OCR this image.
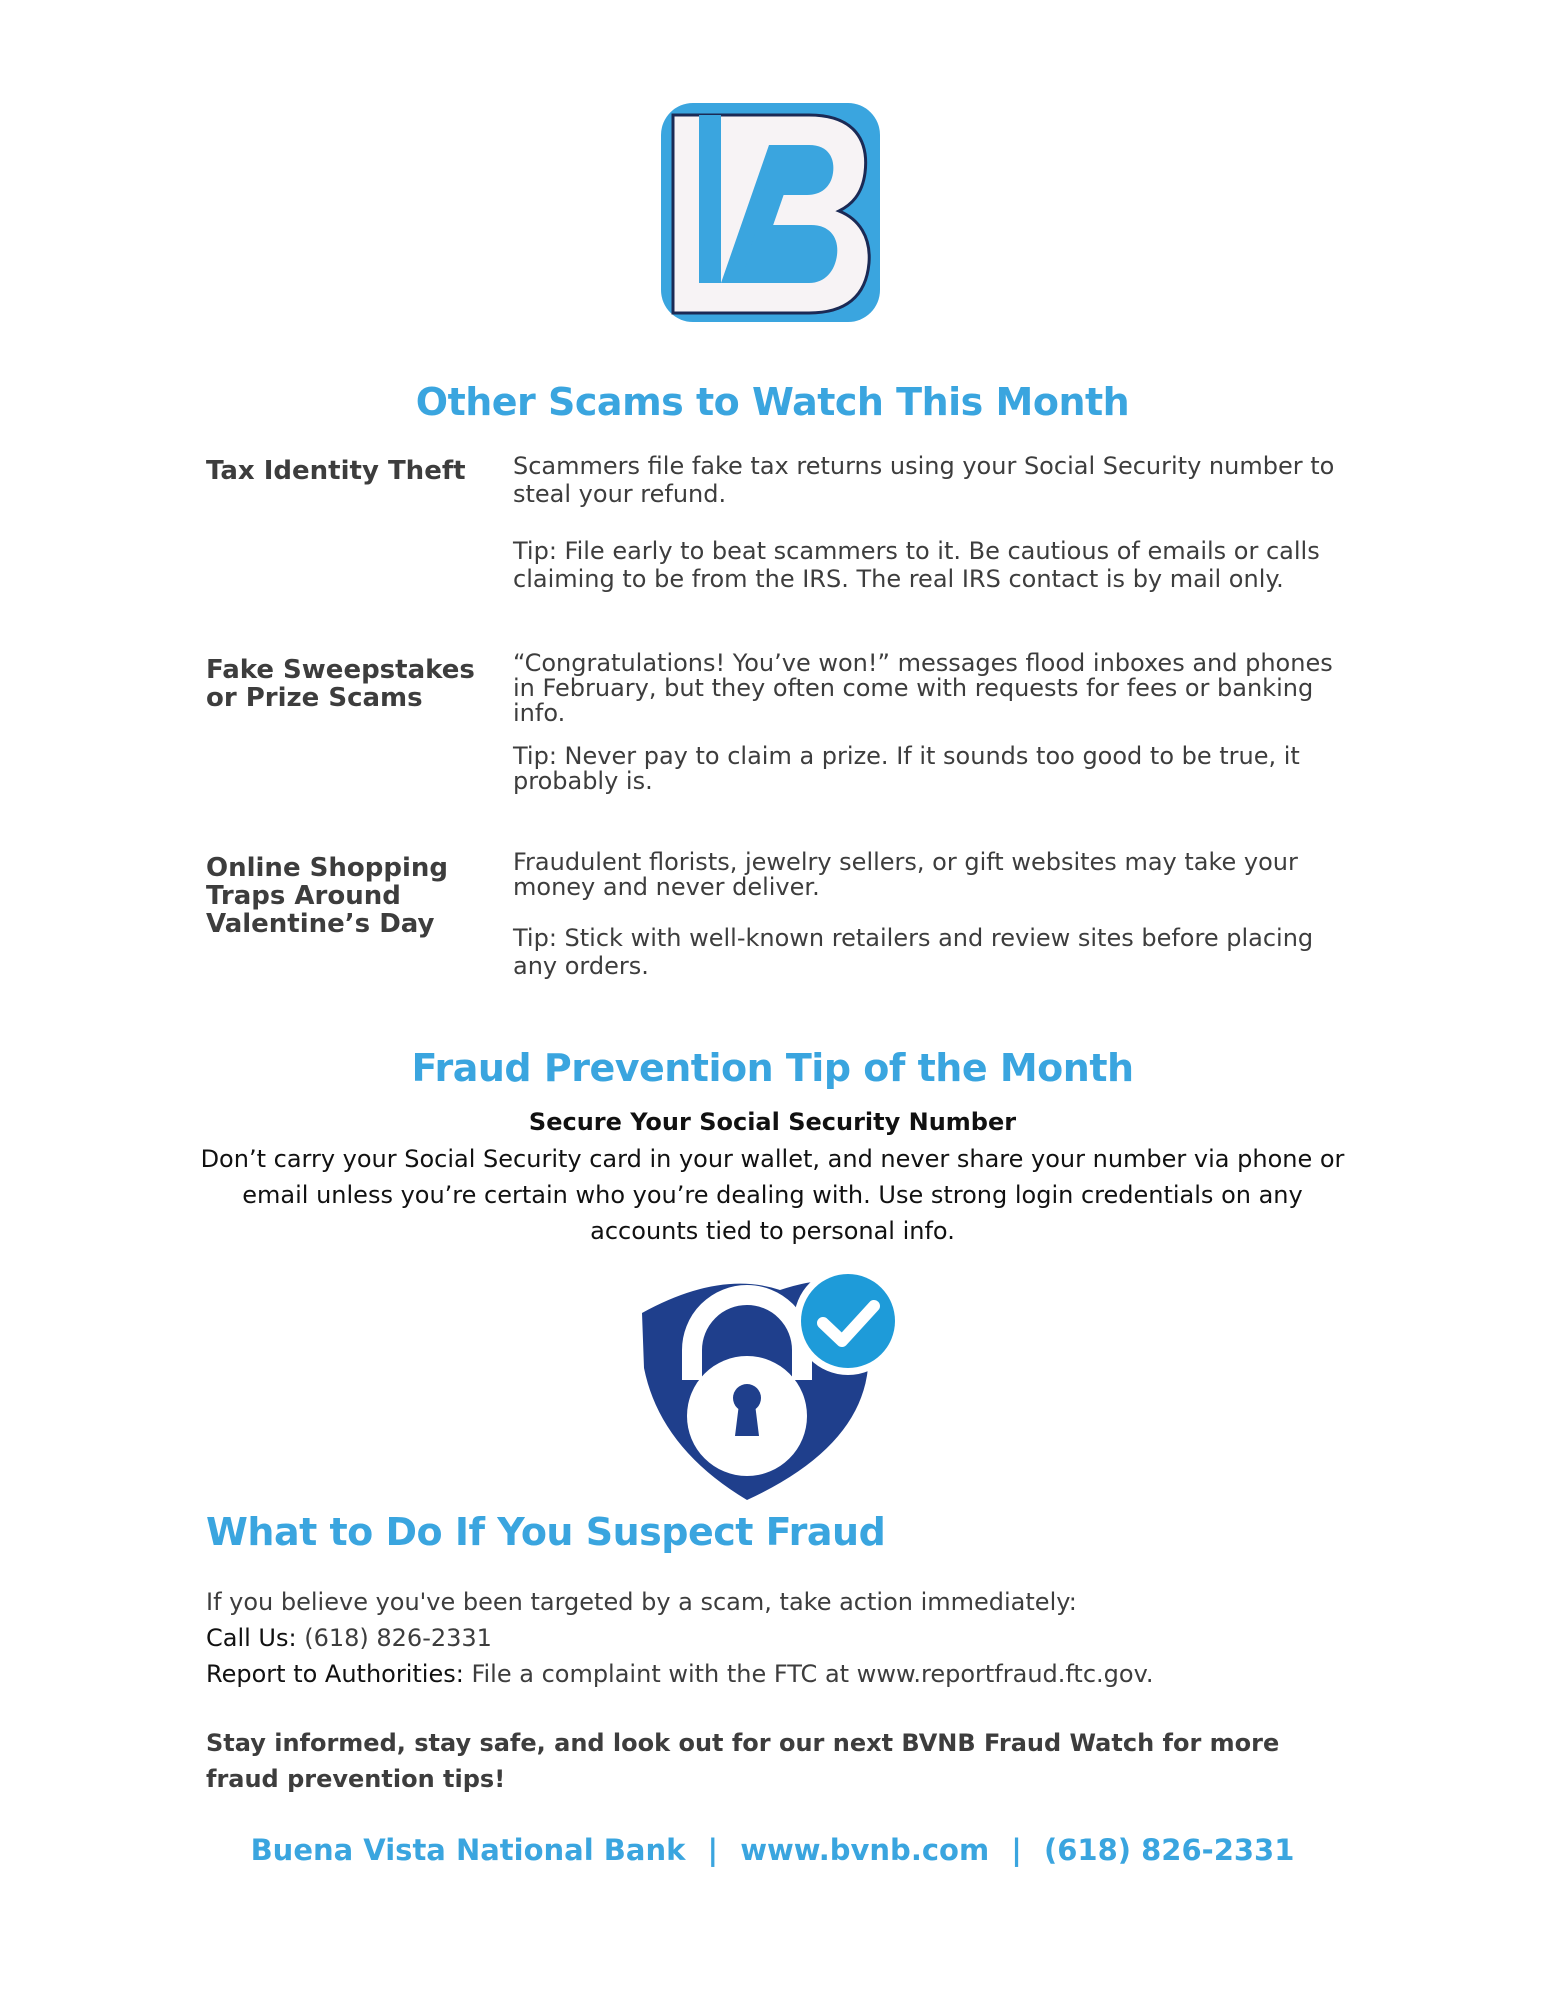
Other Scams to Watch This Month
Tax Identity Theft	Scammers file fake tax returns using your Social Security number to steal your refund.
Tip: File early to beat scammers to it. Be cautious of emails or calls claiming to be from the IRS. The real IRS contact is by mail only.
Fake Sweepstakes or Prize Scams
“Congratulations! You’ve won!” messages flood inboxes and phones in February, but they often come with requests for fees or banking info.
Tip: Never pay to claim a prize. If it sounds too good to be true, it probably is.
Online Shopping Traps Around Valentine’s Day
Fraudulent florists, jewelry sellers, or gift websites may take your money and never deliver.
Tip: Stick with well-known retailers and review sites before placing any orders.
Fraud Prevention Tip of the Month
Secure Your Social Security Number
Don’t carry your Social Security card in your wallet, and never share your number via phone or email unless you’re certain who you’re dealing with. Use strong login credentials on any accounts tied to personal info.
What to Do If You Suspect Fraud
If you believe you've been targeted by a scam, take action immediately:
Call Us: (618) 826-2331
Report to Authorities: File a complaint with the FTC at www.reportfraud.ftc.gov.
Stay informed, stay safe, and look out for our next BVNB Fraud Watch for more fraud prevention tips!
Buena Vista National Bank | www.bvnb.com | (618) 826-2331
